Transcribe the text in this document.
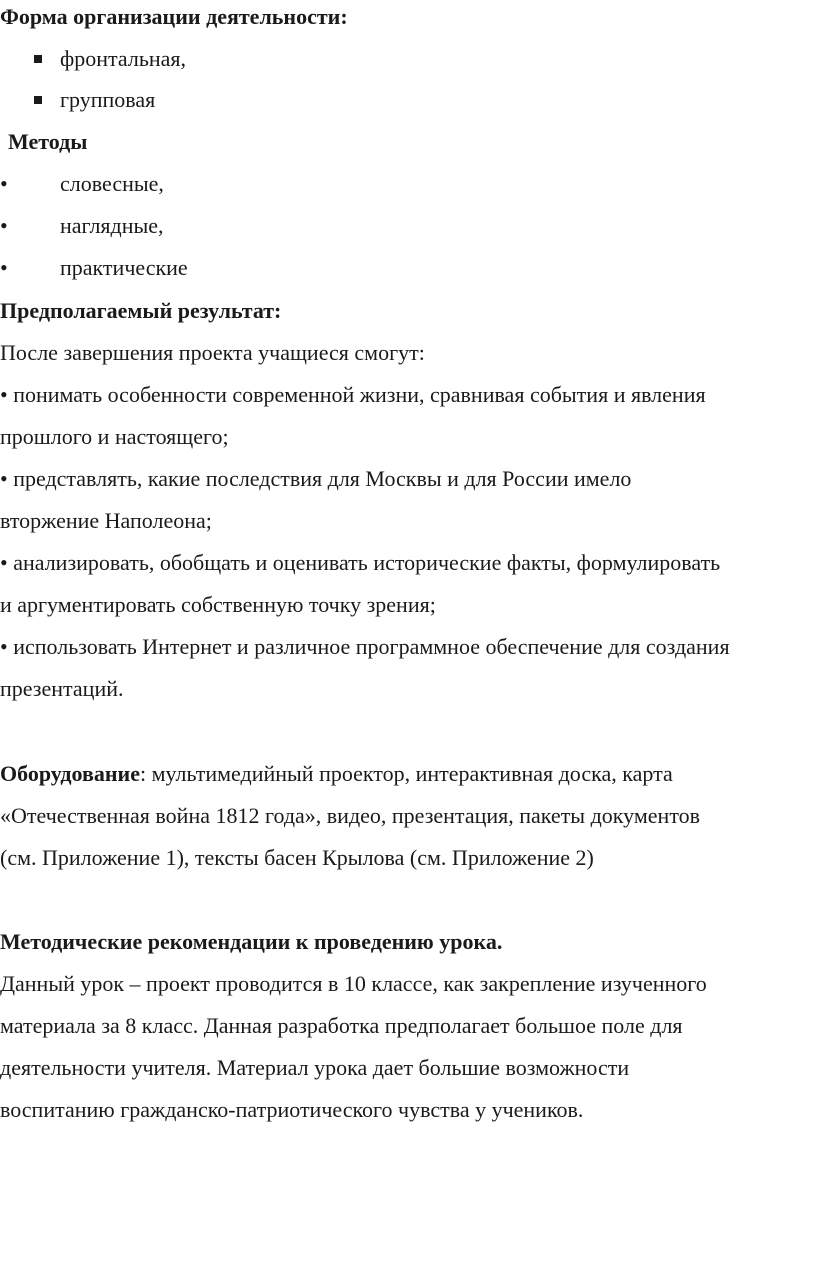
Форма организации деятельности:
фронтальная,
групповая
Методы
• словесные,
• наглядные,
• практические
Предполагаемый результат:
После завершения проекта учащиеся смогут:
• понимать особенности современной жизни, сравнивая события и явления
прошлого и настоящего;
• представлять, какие последствия для Москвы и для России имело
вторжение Наполеона;
• анализировать, обобщать и оценивать исторические факты, формулировать
и аргументировать собственную точку зрения;
• использовать Интернет и различное программное обеспечение для создания
презентаций.
Оборудование: мультимедийный проектор, интерактивная доска, карта
«Отечественная война 1812 года», видео, презентация, пакеты документов
(см. Приложение 1), тексты басен Крылова (см. Приложение 2)
Методические рекомендации к проведению урока.
Данный урок – проект проводится в 10 классе, как закрепление изученного
материала за 8 класс. Данная разработка предполагает большое поле для
деятельности учителя. Материал урока дает большие возможности
воспитанию гражданско-патриотического чувства у учеников.
